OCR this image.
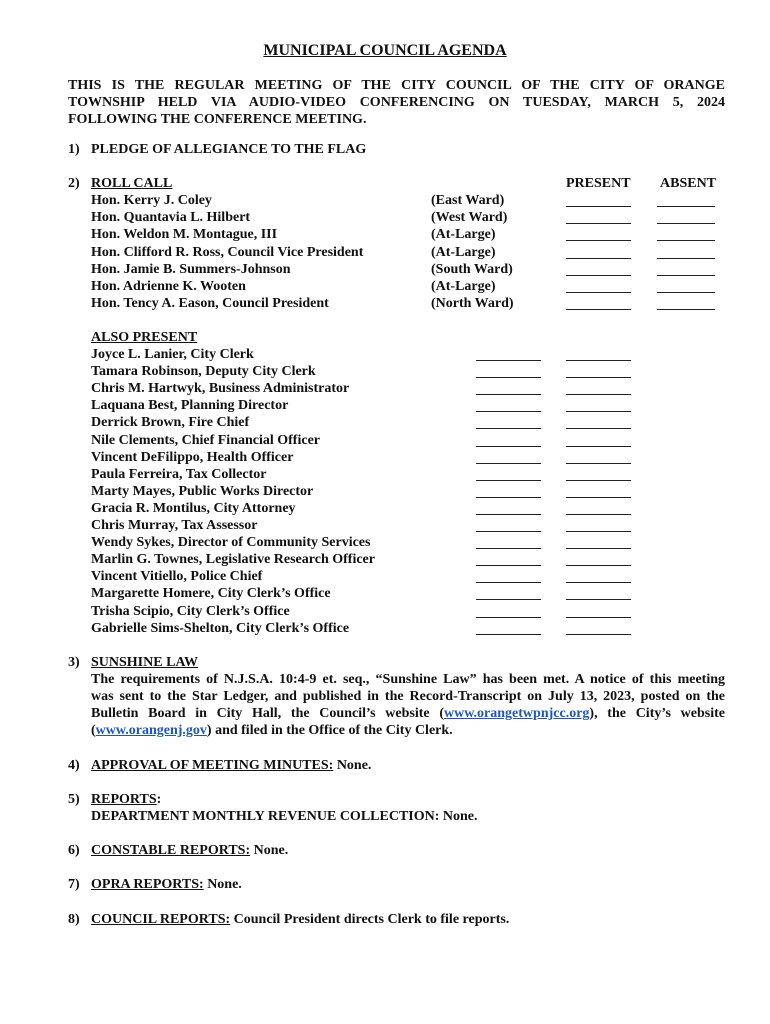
MUNICIPAL COUNCIL AGENDA
THIS IS THE REGULAR MEETING OF THE CITY COUNCIL OF THE CITY OF ORANGE
TOWNSHIP HELD VIA AUDIO-VIDEO CONFERENCING ON TUESDAY, MARCH 5, 2024
FOLLOWING THE CONFERENCE MEETING.
1) PLEDGE OF ALLEGIANCE TO THE FLAG
2) ROLL CALL	PRESENT ABSENT
Hon. Kerry J. Coley	(East Ward)
Hon. Quantavia L. Hilbert	(West Ward)
Hon. Weldon M. Montague, III	(At-Large)
Hon. Clifford R. Ross, Council Vice President	(At-Large)
Hon. Jamie B. Summers-Johnson	(South Ward)
Hon. Adrienne K. Wooten	(At-Large)
Hon. Tency A. Eason, Council President	(North Ward)
ALSO PRESENT
Joyce L. Lanier, City Clerk
Tamara Robinson, Deputy City Clerk
Chris M. Hartwyk, Business Administrator
Laquana Best, Planning Director
Derrick Brown, Fire Chief
Nile Clements, Chief Financial Officer
Vincent DeFilippo, Health Officer
Paula Ferreira, Tax Collector
Marty Mayes, Public Works Director
Gracia R. Montilus, City Attorney
Chris Murray, Tax Assessor
Wendy Sykes, Director of Community Services
Marlin G. Townes, Legislative Research Officer
Vincent Vitiello, Police Chief
Margarette Homere, City Clerk’s Office
Trisha Scipio, City Clerk’s Office
Gabrielle Sims-Shelton, City Clerk’s Office
3) SUNSHINE LAW
The requirements of N.J.S.A. 10:4-9 et. seq., “Sunshine Law” has been met. A notice of this meeting
was sent to the Star Ledger, and published in the Record-Transcript on July 13, 2023, posted on the
Bulletin Board in City Hall, the Council’s website (www.orangetwpnjcc.org), the City’s website
(www.orangenj.gov) and filed in the Office of the City Clerk.
4) APPROVAL OF MEETING MINUTES: None.
5) REPORTS:
DEPARTMENT MONTHLY REVENUE COLLECTION: None.
6) CONSTABLE REPORTS: None.
7) OPRA REPORTS: None.
8) COUNCIL REPORTS: Council President directs Clerk to file reports.
